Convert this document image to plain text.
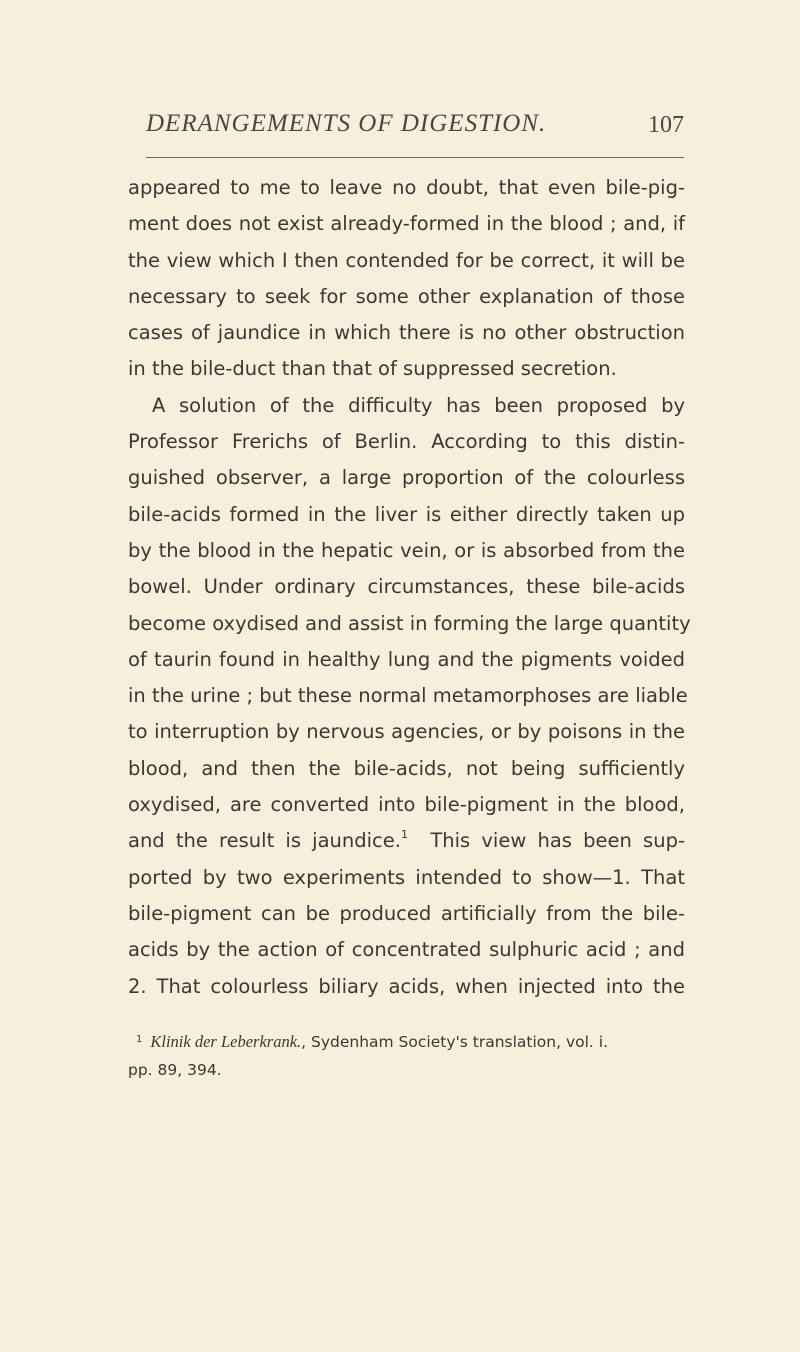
DERANGEMENTS OF DIGESTION.	107
appeared to me to leave no doubt, that even bile-pig-
ment does not exist already-formed in the blood ; and, if
the view which I then contended for be correct, it will be
necessary to seek for some other explanation of those
cases of jaundice in which there is no other obstruction
in the bile-duct than that of suppressed secretion.
A solution of the difficulty has been proposed by
Professor Frerichs of Berlin. According to this distin-
guished observer, a large proportion of the colourless
bile-acids formed in the liver is either directly taken up
by the blood in the hepatic vein, or is absorbed from the
bowel. Under ordinary circumstances, these bile-acids
become oxydised and assist in forming the large quantity
of taurin found in healthy lung and the pigments voided
in the urine ; but these normal metamorphoses are liable
to interruption by nervous agencies, or by poisons in the
blood, and then the bile-acids, not being sufficiently
oxydised, are converted into bile-pigment in the blood,
and the result is jaundice.$^1$ This view has been sup-
ported by two experiments intended to show—1. That
bile-pigment can be produced artificially from the bile-
acids by the action of concentrated sulphuric acid ; and
2. That colourless biliary acids, when injected into the
$^1$ Klinik der Leberkrank., Sydenham Society's translation, vol. i.
pp. 89, 394.
